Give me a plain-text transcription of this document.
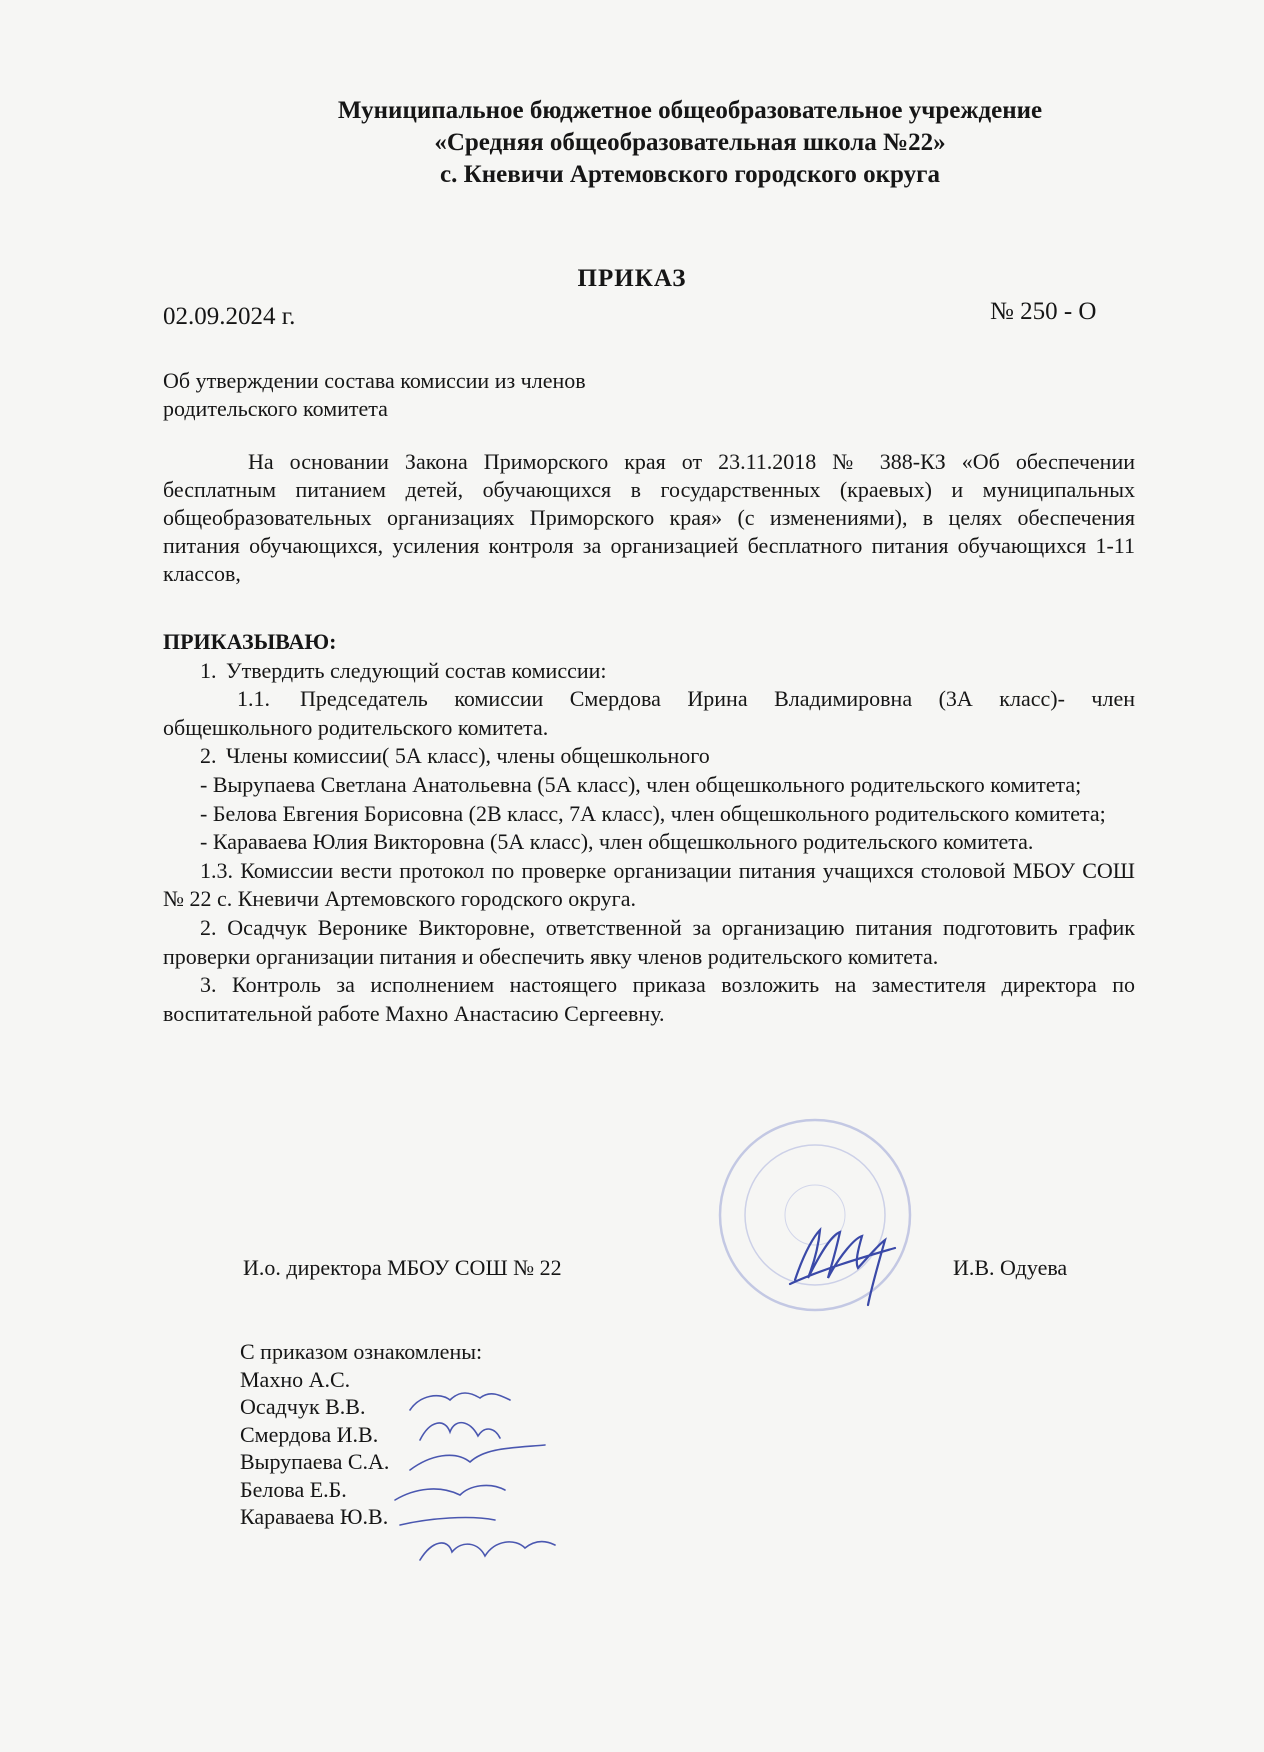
Муниципальное бюджетное общеобразовательное учреждение
«Средняя общеобразовательная школа №22»
с. Кневичи Артемовского городского округа
ПРИКАЗ
02.09.2024 г.	№ 250 - О
Об утверждении состава комиссии из членов
родительского комитета

На основании Закона Приморского края от 23.11.2018 № 388-КЗ «Об обеспечении бесплатным питанием детей, обучающихся в государственных (краевых) и муниципальных общеобразовательных организациях Приморского края» (с изменениями), в целях обеспечения питания обучающихся, усиления контроля за организацией бесплатного питания обучающихся 1-11 классов,

ПРИКАЗЫВАЮ:
1. Утвердить следующий состав комиссии:
1.1. Председатель комиссии Смердова Ирина Владимировна (3А класс)- член общешкольного родительского комитета.
2. Члены комиссии( 5А класс), члены общешкольного
- Вырупаева Светлана Анатольевна (5А класс), член общешкольного родительского комитета;
- Белова Евгения Борисовна (2В класс, 7А класс), член общешкольного родительского комитета;
- Караваева Юлия Викторовна (5А класс), член общешкольного родительского комитета.
1.3. Комиссии вести протокол по проверке организации питания учащихся столовой МБОУ СОШ № 22 с. Кневичи Артемовского городского округа.
2. Осадчук Веронике Викторовне, ответственной за организацию питания подготовить график проверки организации питания и обеспечить явку членов родительского комитета.
3. Контроль за исполнением настоящего приказа возложить на заместителя директора по воспитательной работе Махно Анастасию Сергеевну.
И.о. директора МБОУ СОШ № 22	И.В. Одуева
С приказом ознакомлены:
Махно А.С.
Осадчук В.В.
Смердова И.В.
Вырупаева С.А.
Белова Е.Б.
Караваева Ю.В.
